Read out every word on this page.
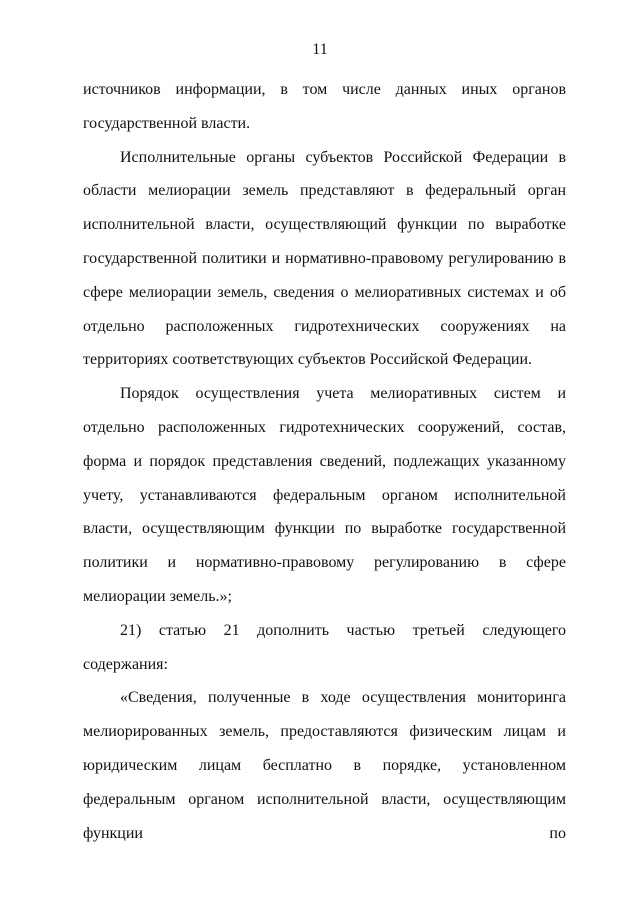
11

источников информации, в том числе данных иных органов государственной власти.

Исполнительные органы субъектов Российской Федерации в области мелиорации земель представляют в федеральный орган исполнительной власти, осуществляющий функции по выработке государственной политики и нормативно-правовому регулированию в сфере мелиорации земель, сведения о мелиоративных системах и об отдельно расположенных гидротехнических сооружениях на территориях соответствующих субъектов Российской Федерации.

Порядок осуществления учета мелиоративных систем и отдельно расположенных гидротехнических сооружений, состав, форма и порядок представления сведений, подлежащих указанному учету, устанавливаются федеральным органом исполнительной власти, осуществляющим функции по выработке государственной политики и нормативно-правовому регулированию в сфере мелиорации земель.»;

21) статью 21 дополнить частью третьей следующего содержания:

«Сведения, полученные в ходе осуществления мониторинга мелиорированных земель, предоставляются физическим лицам и юридическим лицам бесплатно в порядке, установленном федеральным органом исполнительной власти, осуществляющим функции по
